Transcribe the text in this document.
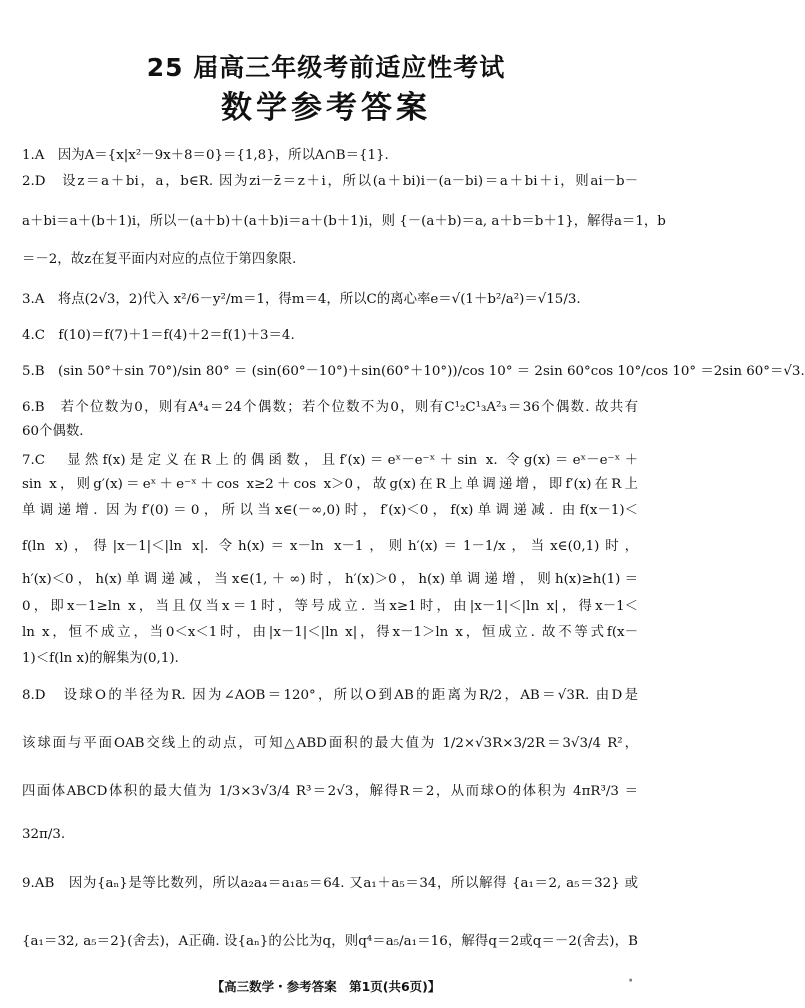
25 届高三年级考前适应性考试
数学参考答案
1.A　因为A＝{x|x²－9x＋8＝0}＝{1,8}，所以A∩B＝{1}.
2.D　设z＝a＋bi，a，b∈R. 因为zi－z̄＝z＋i，所以(a＋bi)i－(a－bi)＝a＋bi＋i，则ai－b－
a＋bi＝a＋(b＋1)i，所以－(a＋b)＋(a＋b)i＝a＋(b＋1)i，则 {－(a＋b)＝a, a＋b＝b＋1}，解得a＝1，b
＝－2，故z在复平面内对应的点位于第四象限.
3.A　将点(2√3，2)代入 x²/6－y²/m＝1，得m＝4，所以C的离心率e＝√(1＋b²/a²)＝√15/3.
4.C　f(10)＝f(7)＋1＝f(4)＋2＝f(1)＋3＝4.
5.B　(sin 50°＋sin 70°)/sin 80° ＝ (sin(60°－10°)＋sin(60°＋10°))/cos 10° ＝ 2sin 60°cos 10°/cos 10° ＝2sin 60°＝√3.
6.B　若个位数为0，则有A⁴₄＝24个偶数；若个位数不为0，则有C¹₂C¹₃A²₃＝36个偶数. 故共有
60个偶数.
7.C　显然f(x)是定义在R上的偶函数，且f′(x)＝eˣ－e⁻ˣ＋sin x. 令g(x)＝eˣ－e⁻ˣ＋
sin x，则g′(x)＝eˣ＋e⁻ˣ＋cos x≥2＋cos x＞0，故g(x)在R上单调递增，即f′(x)在R上
单调递增. 因为f′(0)＝0，所以当x∈(－∞,0)时，f′(x)＜0，f(x)单调递减. 由f(x－1)＜
f(ln x)，得|x－1|＜|ln x|. 令h(x)＝x－ln x－1，则h′(x)＝1－1/x，当x∈(0,1)时，
h′(x)＜0，h(x)单调递减，当x∈(1,＋∞)时，h′(x)＞0，h(x)单调递增，则h(x)≥h(1)＝
0，即x－1≥ln x，当且仅当x＝1时，等号成立. 当x≥1时，由|x－1|＜|ln x|，得x－1＜
ln x，恒不成立，当0＜x＜1时，由|x－1|＜|ln x|，得x－1＞ln x，恒成立. 故不等式f(x－
1)＜f(ln x)的解集为(0,1).
8.D　设球O的半径为R. 因为∠AOB＝120°，所以O到AB的距离为R/2，AB＝√3R. 由D是
该球面与平面OAB交线上的动点，可知△ABD面积的最大值为 1/2×√3R×3/2R＝3√3/4 R²，
四面体ABCD体积的最大值为 1/3×3√3/4 R³＝2√3，解得R＝2，从而球O的体积为 4πR³/3 ＝
32π/3.
9.AB　因为{aₙ}是等比数列，所以a₂a₄＝a₁a₅＝64. 又a₁＋a₅＝34，所以解得 {a₁＝2, a₅＝32} 或
{a₁＝32, a₅＝2}(舍去)，A正确. 设{aₙ}的公比为q，则q⁴＝a₅/a₁＝16，解得q＝2或q＝－2(舍去)，B
【高三数学・参考答案　第1页(共6页)】	·
